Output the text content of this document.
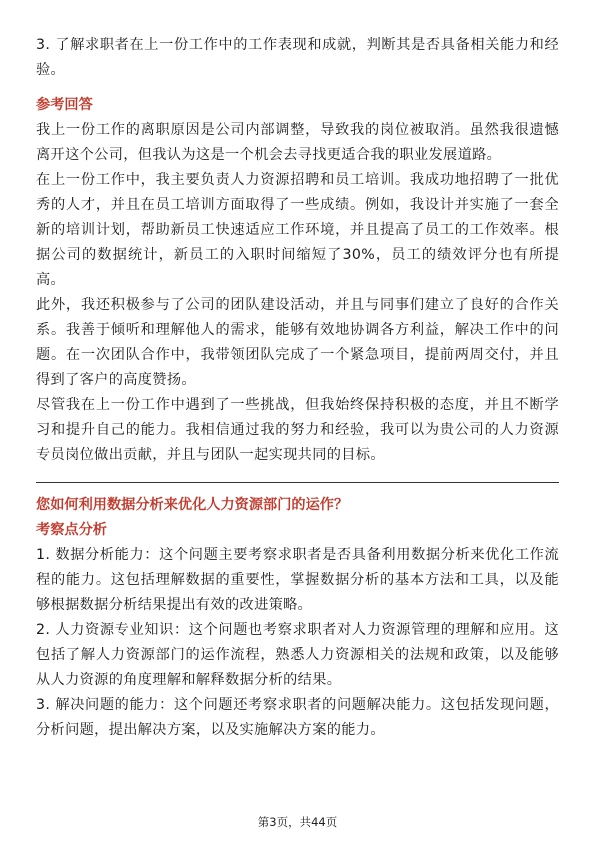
3. 了解求职者在上一份工作中的工作表现和成就，判断其是否具备相关能力和经验。

参考回答

我上一份工作的离职原因是公司内部调整，导致我的岗位被取消。虽然我很遗憾离开这个公司，但我认为这是一个机会去寻找更适合我的职业发展道路。

在上一份工作中，我主要负责人力资源招聘和员工培训。我成功地招聘了一批优秀的人才，并且在员工培训方面取得了一些成绩。例如，我设计并实施了一套全新的培训计划，帮助新员工快速适应工作环境，并且提高了员工的工作效率。根据公司的数据统计，新员工的入职时间缩短了30%，员工的绩效评分也有所提高。

此外，我还积极参与了公司的团队建设活动，并且与同事们建立了良好的合作关系。我善于倾听和理解他人的需求，能够有效地协调各方利益，解决工作中的问题。在一次团队合作中，我带领团队完成了一个紧急项目，提前两周交付，并且得到了客户的高度赞扬。

尽管我在上一份工作中遇到了一些挑战，但我始终保持积极的态度，并且不断学习和提升自己的能力。我相信通过我的努力和经验，我可以为贵公司的人力资源专员岗位做出贡献，并且与团队一起实现共同的目标。

您如何利用数据分析来优化人力资源部门的运作？

考察点分析

1. 数据分析能力：这个问题主要考察求职者是否具备利用数据分析来优化工作流程的能力。这包括理解数据的重要性，掌握数据分析的基本方法和工具，以及能够根据数据分析结果提出有效的改进策略。

2. 人力资源专业知识：这个问题也考察求职者对人力资源管理的理解和应用。这包括了解人力资源部门的运作流程，熟悉人力资源相关的法规和政策，以及能够从人力资源的角度理解和解释数据分析的结果。

3. 解决问题的能力：这个问题还考察求职者的问题解决能力。这包括发现问题，分析问题，提出解决方案，以及实施解决方案的能力。

第3页，共44页
